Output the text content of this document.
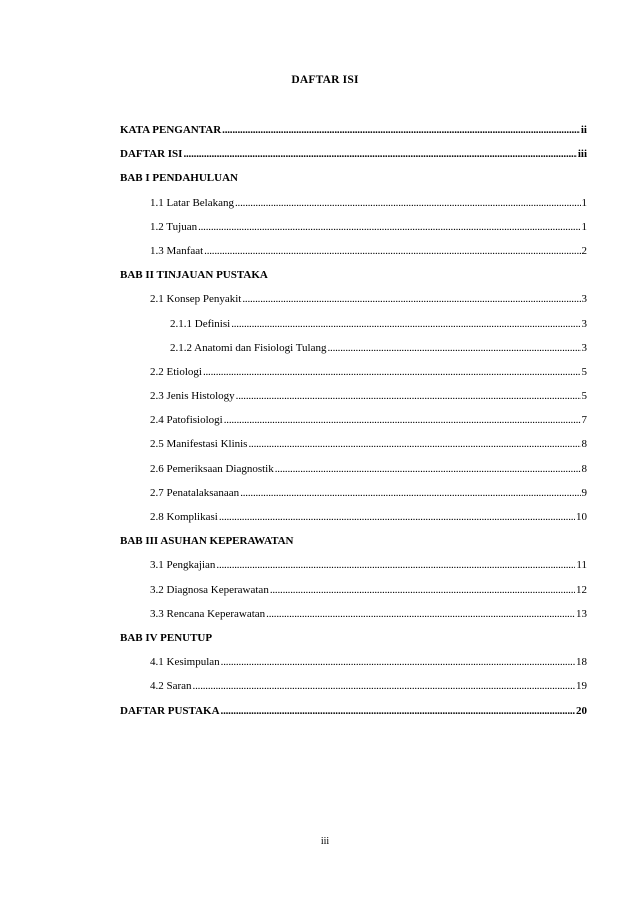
DAFTAR ISI
KATA PENGANTAR .....	ii
DAFTAR ISI .....	iii
BAB I PENDAHULUAN
1.1 Latar Belakang .....	1
1.2 Tujuan .....	1
1.3 Manfaat .....	2
BAB II TINJAUAN PUSTAKA
2.1 Konsep Penyakit .....	3
2.1.1 Definisi .....	3
2.1.2 Anatomi dan Fisiologi Tulang .....	3
2.2 Etiologi .....	5
2.3 Jenis Histology .....	5
2.4 Patofisiologi .....	7
2.5 Manifestasi Klinis .....	8
2.6 Pemeriksaan Diagnostik .....	8
2.7 Penatalaksanaan .....	9
2.8 Komplikasi .....	10
BAB III ASUHAN KEPERAWATAN
3.1 Pengkajian .....	11
3.2 Diagnosa Keperawatan .....	12
3.3 Rencana Keperawatan .....	13
BAB IV PENUTUP
4.1 Kesimpulan .....	18
4.2 Saran .....	19
DAFTAR PUSTAKA .....	20
iii
